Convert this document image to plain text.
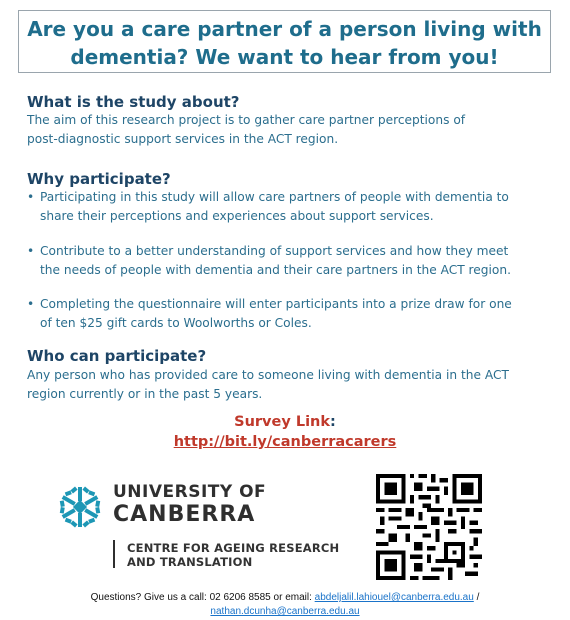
Are you a care partner of a person living with
dementia? We want to hear from you!
What is the study about?
The aim of this research project is to gather care partner perceptions of
post-diagnostic support services in the ACT region.
Why participate?
• Participating in this study will allow care partners of people with dementia to
share their perceptions and experiences about support services.
• Contribute to a better understanding of support services and how they meet
the needs of people with dementia and their care partners in the ACT region.
• Completing the questionnaire will enter participants into a prize draw for one
of ten $25 gift cards to Woolworths or Coles.
Who can participate?
Any person who has provided care to someone living with dementia in the ACT
region currently or in the past 5 years.
Survey Link:
http://bit.ly/canberracarers
UNIVERSITY OF
CANBERRA
CENTRE FOR AGEING RESEARCH
AND TRANSLATION
Questions? Give us a call: 02 6206 8585 or email: abdeljalil.lahiouel@canberra.edu.au /
nathan.dcunha@canberra.edu.au
